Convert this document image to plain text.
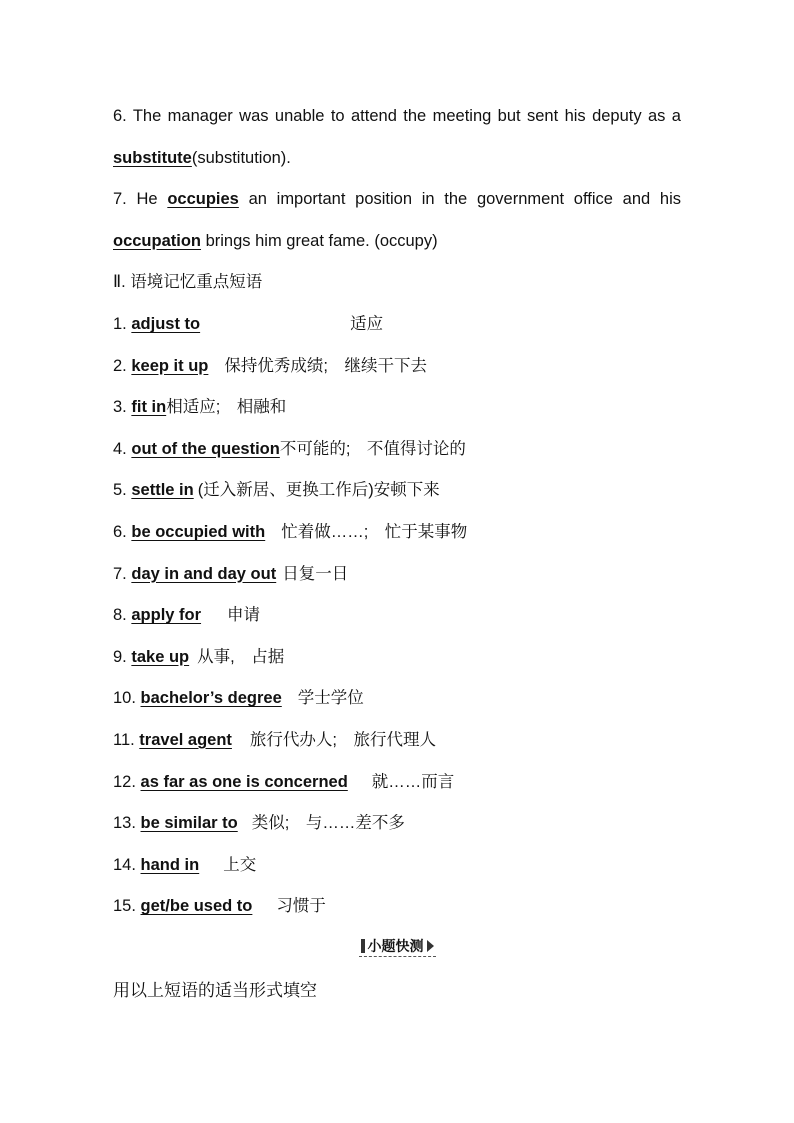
6. The manager was unable to attend the meeting but sent his deputy as a
substitute(substitution).
7. He occupies an important position in the government office and his
occupation brings him great fame. (occupy)
Ⅱ. 语境记忆重点短语
1. adjust to	适应
2. keep it up 保持优秀成绩;　继续干下去
3. fit in相适应;　相融和
4. out of the question不可能的;　不值得讨论的
5. settle in (迁入新居、更换工作后)安顿下来
6. be occupied with 忙着做……;　忙于某事物
7. day in and day out 日复一日
8. apply for 申请
9. take up 从事,　占据
10. bachelor’s degree 学士学位
11. travel agent 旅行代办人;　旅行代理人
12. as far as one is concerned 就……而言
13. be similar to 类似;　与……差不多
14. hand in 上交
15. get/be used to 习惯于
小题快测
用以上短语的适当形式填空
